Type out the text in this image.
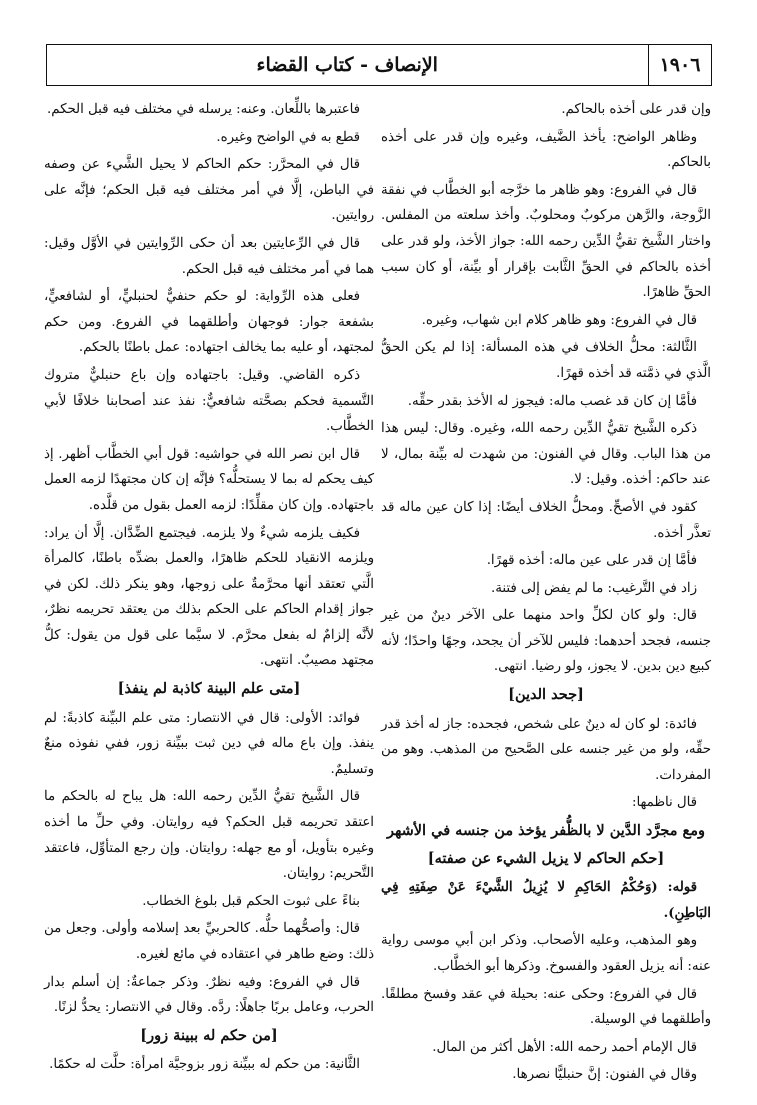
الإنصاف - كتاب القضاء	١٩٠٦

وإن قدر على أخذه بالحاكم.

وظاهر الواضح: يأخذ الضَّيف، وغيره وإن قدر على أخذه بالحاكم.

قال في الفروع: وهو ظاهر ما خرَّجه أبو الخطَّاب في نفقة الزَّوجة، والرَّهن مركوبٌ ومحلوبٌ. وأخذ سلعته من المفلس. واختار الشَّيخ تقيُّ الدِّين رحمه الله: جواز الأخذ، ولو قدر على أخذه بالحاكم في الحقِّ الثَّابت بإقرار أو بيِّنة، أو كان سبب الحقِّ ظاهرًا.

قال في الفروع: وهو ظاهر كلام ابن شهاب، وغيره.

الثَّالثة: محلُّ الخلاف في هذه المسألة: إذا لم يكن الحقُّ الَّذي في ذمَّته قد أخذه قهرًا.

فأمَّا إن كان قد غصب ماله: فيجوز له الأخذ بقدر حقِّه.

ذكره الشَّيخ تقيُّ الدِّين رحمه الله، وغيره. وقال: ليس هذا من هذا الباب. وقال في الفنون: من شهدت له بيِّنة بمال، لا عند حاكم: أخذه. وقيل: لا.

كقود في الأصحِّ. ومحلُّ الخلاف أيضًا: إذا كان عين ماله قد تعذَّر أخذه.

فأمَّا إن قدر على عين ماله: أخذه قهرًا.

زاد في التَّرغيب: ما لم يفض إلى فتنة.

قال: ولو كان لكلِّ واحد منهما على الآخر دينٌ من غير جنسه، فجحد أحدهما: فليس للآخر أن يجحد، وجهًا واحدًا؛ لأنه كبيع دين بدين. لا يجوز، ولو رضيا. انتهى.

[جحد الدين]

فائدة: لو كان له دينٌ على شخص، فجحده: جاز له أخذ قدر حقِّه، ولو من غير جنسه على الصَّحيح من المذهب. وهو من المفردات.

قال ناظمها:

ومع مجرَّد الدَّين لا بالظُّفر يؤخذ من جنسه في الأشهر
[حكم الحاكم لا يزيل الشيء عن صفته]

قوله: (وَحُكْمُ الحَاكِمِ لا يُزِيلُ الشَّيْءَ عَنْ صِفَتِهِ فِي البَاطِنِ).

وهو المذهب، وعليه الأصحاب. وذكر ابن أبي موسى رواية عنه: أنه يزيل العقود والفسوخ. وذكرها أبو الخطَّاب.

قال في الفروع: وحكى عنه: بحيلة في عقد وفسخ مطلقًا. وأطلقهما في الوسيلة.

قال الإمام أحمد رحمه الله: الأهل أكثر من المال.

وقال في الفنون: إنَّ حنبليًّا نصرها.

فاعتبرها باللِّعان. وعنه: يرسله في مختلف فيه قبل الحكم.

قطع به في الواضح وغيره.

قال في المحرَّر: حكم الحاكم لا يحيل الشَّيء عن وصفه في الباطن، إلَّا في أمر مختلف فيه قبل الحكم؛ فإنَّه على روايتين.

قال في الرِّعايتين بعد أن حكى الرِّوايتين في الأوَّل وقيل: هما في أمر مختلف فيه قبل الحكم.

فعلى هذه الرِّواية: لو حكم حنفيٌّ لحنبليٍّ، أو لشافعيٍّ، بشفعة جوار: فوجهان وأطلقهما في الفروع. ومن حكم لمجتهد، أو عليه بما يخالف اجتهاده: عمل باطنًا بالحكم.

ذكره القاضي. وقيل: باجتهاده وإن باع حنبليٌّ متروك التَّسمية فحكم بصحَّته شافعيٌّ: نفذ عند أصحابنا خلافًا لأبي الخطَّاب.

قال ابن نصر الله في حواشيه: قول أبي الخطَّاب أظهر. إذ كيف يحكم له بما لا يستحلُّه؟ فإنَّه إن كان مجتهدًا لزمه العمل باجتهاده. وإن كان مقلِّدًا: لزمه العمل بقول من قلَّده.

فكيف يلزمه شيءٌ ولا يلزمه. فيجتمع الضِّدَّان. إلَّا أن يراد: ويلزمه الانقياد للحكم ظاهرًا، والعمل بضدِّه باطنًا، كالمرأة الَّتي تعتقد أنها محرَّمةٌ على زوجها، وهو ينكر ذلك. لكن في جواز إقدام الحاكم على الحكم بذلك من يعتقد تحريمه نظرٌ، لأنَّه إلزامٌ له بفعل محرَّم. لا سيَّما على قول من يقول: كلُّ مجتهد مصيبٌ. انتهى.

[متى علم البينة كاذبة لم ينفذ]

فوائد: الأولى: قال في الانتصار: متى علم البيِّنة كاذبةً: لم ينفذ. وإن باع ماله في دين ثبت ببيِّنة زور، ففي نفوذه منعٌ وتسليمٌ.

قال الشَّيخ تقيُّ الدِّين رحمه الله: هل يباح له بالحكم ما اعتقد تحريمه قبل الحكم؟ فيه روايتان. وفي حلِّ ما أخذه وغيره بتأويل، أو مع جهله: روايتان. وإن رجع المتأوِّل، فاعتقد التَّحريم: روايتان.

بناءً على ثبوت الحكم قبل بلوغ الخطاب.

قال: وأصحُّهما حلُّه. كالحربيِّ بعد إسلامه وأولى. وجعل من ذلك: وضع طاهر في اعتقاده في مائع لغيره.

قال في الفروع: وفيه نظرٌ. وذكر جماعةٌ: إن أسلم بدار الحرب، وعامل بربًا جاهلًا: ردَّه. وقال في الانتصار: يحدُّ لزنًا.

[من حكم له ببينة زور]

الثَّانية: من حكم له ببيِّنة زور بزوجيَّة امرأة: حلَّت له حكمًا.
